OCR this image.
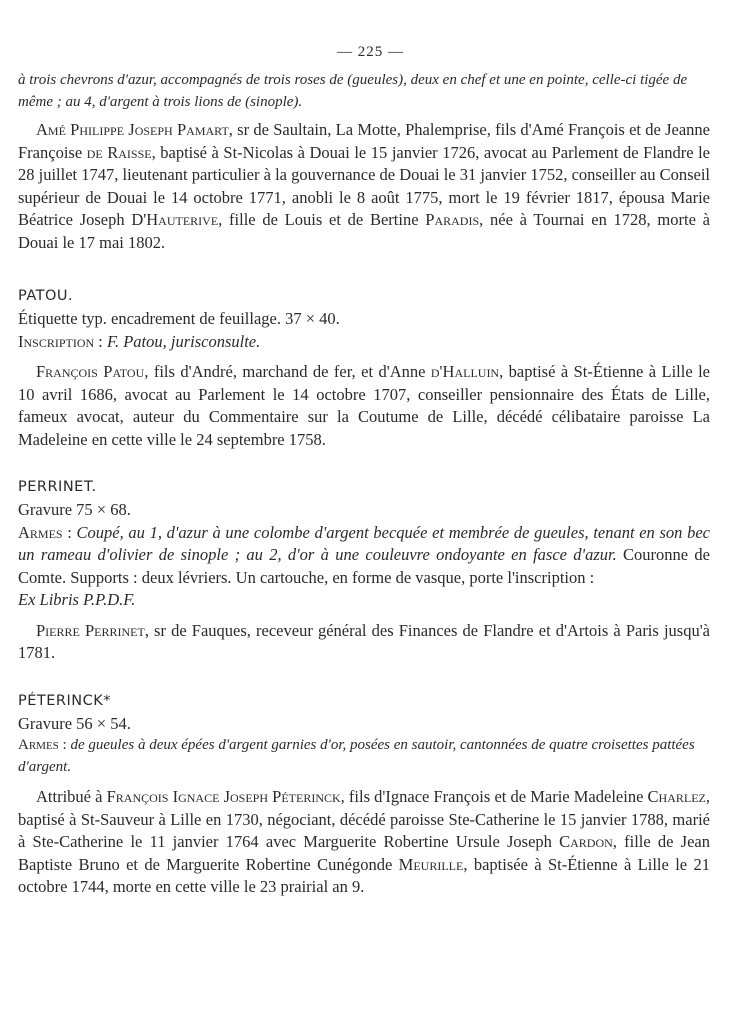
— 225 —

à trois chevrons d'azur, accompagnés de trois roses de (gueules), deux en chef et une en pointe, celle-ci tigée de même ; au 4, d'argent à trois lions de (sinople).

Amé Philippe Joseph Pamart, sr de Saultain, La Motte, Phalemprise, fils d'Amé François et de Jeanne Françoise de Raisse, baptisé à St-Nicolas à Douai le 15 janvier 1726, avocat au Parlement de Flandre le 28 juillet 1747, lieutenant particulier à la gouvernance de Douai le 31 janvier 1752, conseiller au Conseil supérieur de Douai le 14 octobre 1771, anobli le 8 août 1775, mort le 19 février 1817, épousa Marie Béatrice Joseph D'Hauterive, fille de Louis et de Bertine Paradis, née à Tournai en 1728, morte à Douai le 17 mai 1802.

PATOU.

Étiquette typ. encadrement de feuillage. 37 × 40.

Inscription : F. Patou, jurisconsulte.

François Patou, fils d'André, marchand de fer, et d'Anne d'Halluin, baptisé à St-Étienne à Lille le 10 avril 1686, avocat au Parlement le 14 octobre 1707, conseiller pensionnaire des États de Lille, fameux avocat, auteur du Commentaire sur la Coutume de Lille, décédé célibataire paroisse La Madeleine en cette ville le 24 septembre 1758.

PERRINET.

Gravure 75 × 68.

Armes : Coupé, au 1, d'azur à une colombe d'argent becquée et membrée de gueules, tenant en son bec un rameau d'olivier de sinople ; au 2, d'or à une couleuvre ondoyante en fasce d'azur. Couronne de Comte. Supports : deux lévriers. Un cartouche, en forme de vasque, porte l'inscription :

Ex Libris P.P.D.F.

Pierre Perrinet, sr de Fauques, receveur général des Finances de Flandre et d'Artois à Paris jusqu'à 1781.

PÉTERINCK*

Gravure 56 × 54.

Armes : de gueules à deux épées d'argent garnies d'or, posées en sautoir, cantonnées de quatre croisettes pattées d'argent.

Attribué à François Ignace Joseph Péterinck, fils d'Ignace François et de Marie Madeleine Charlez, baptisé à St-Sauveur à Lille en 1730, négociant, décédé paroisse Ste-Catherine le 15 janvier 1788, marié à Ste-Catherine le 11 janvier 1764 avec Marguerite Robertine Ursule Joseph Cardon, fille de Jean Baptiste Bruno et de Marguerite Robertine Cunégonde Meurille, baptisée à St-Étienne à Lille le 21 octobre 1744, morte en cette ville le 23 prairial an 9.
